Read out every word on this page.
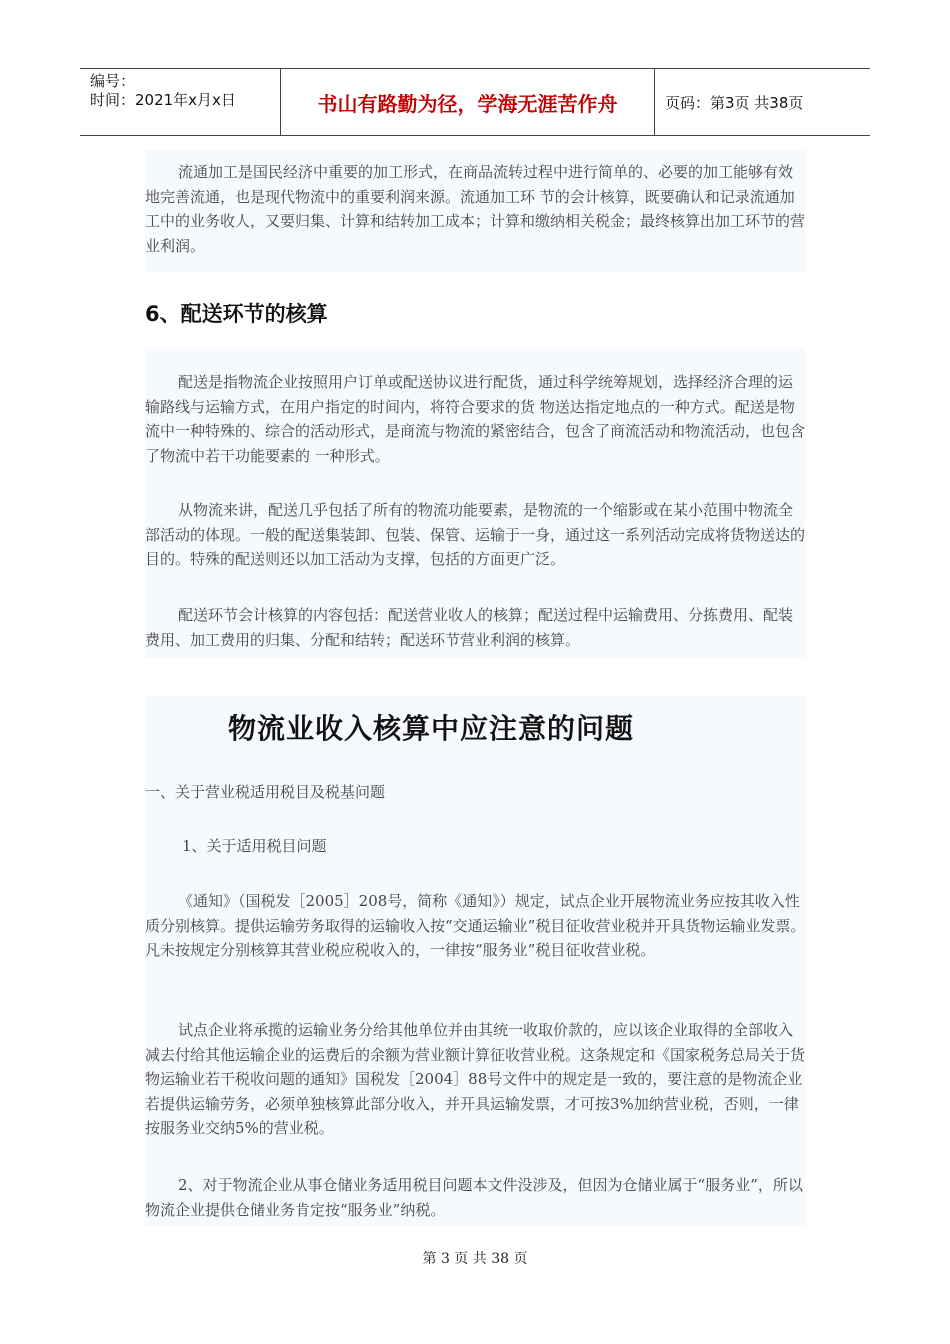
编号：
时间：2021年x月x日	书山有路勤为径，学海无涯苦作舟	页码：第3页 共38页

流通加工是国民经济中重要的加工形式，在商品流转过程中进行简单的、必要的加工能够有效地完善流通，也是现代物流中的重要利润来源。流通加工环 节的会计核算，既要确认和记录流通加工中的业务收人，又要归集、计算和结转加工成本；计算和缴纳相关税金；最终核算出加工环节的营业利润。

6、配送环节的核算

配送是指物流企业按照用户订单或配送协议进行配货，通过科学统筹规划，选择经济合理的运输路线与运输方式，在用户指定的时间内，将符合要求的货 物送达指定地点的一种方式。配送是物流中一种特殊的、综合的活动形式，是商流与物流的紧密结合，包含了商流活动和物流活动，也包含了物流中若干功能要素的 一种形式。

从物流来讲，配送几乎包括了所有的物流功能要素，是物流的一个缩影或在某小范围中物流全部活动的体现。一般的配送集装卸、包装、保管、运输于一身，通过这一系列活动完成将货物送达的目的。特殊的配送则还以加工活动为支撑，包括的方面更广泛。

配送环节会计核算的内容包括：配送营业收人的核算；配送过程中运输费用、分拣费用、配装费用、加工费用的归集、分配和结转；配送环节营业利润的核算。

物流业收入核算中应注意的问题
一、关于营业税适用税目及税基问题
1、关于适用税目问题

《通知》（国税发［2005］208号，简称《通知》）规定，试点企业开展物流业务应按其收入性质分别核算。提供运输劳务取得的运输收入按“交通运输业”税目征收营业税并开具货物运输业发票。凡未按规定分别核算其营业税应税收入的，一律按“服务业”税目征收营业税。

试点企业将承揽的运输业务分给其他单位并由其统一收取价款的，应以该企业取得的全部收入减去付给其他运输企业的运费后的余额为营业额计算征收营业税。这条规定和《国家税务总局关于货物运输业若干税收问题的通知》国税发［2004］88号文件中的规定是一致的，要注意的是物流企业若提供运输劳务，必须单独核算此部分收入，并开具运输发票，才可按3%加纳营业税，否则，一律按服务业交纳5%的营业税。

2、对于物流企业从事仓储业务适用税目问题本文件没涉及，但因为仓储业属于“服务业”，所以物流企业提供仓储业务肯定按“服务业”纳税。

第 3 页 共 38 页
